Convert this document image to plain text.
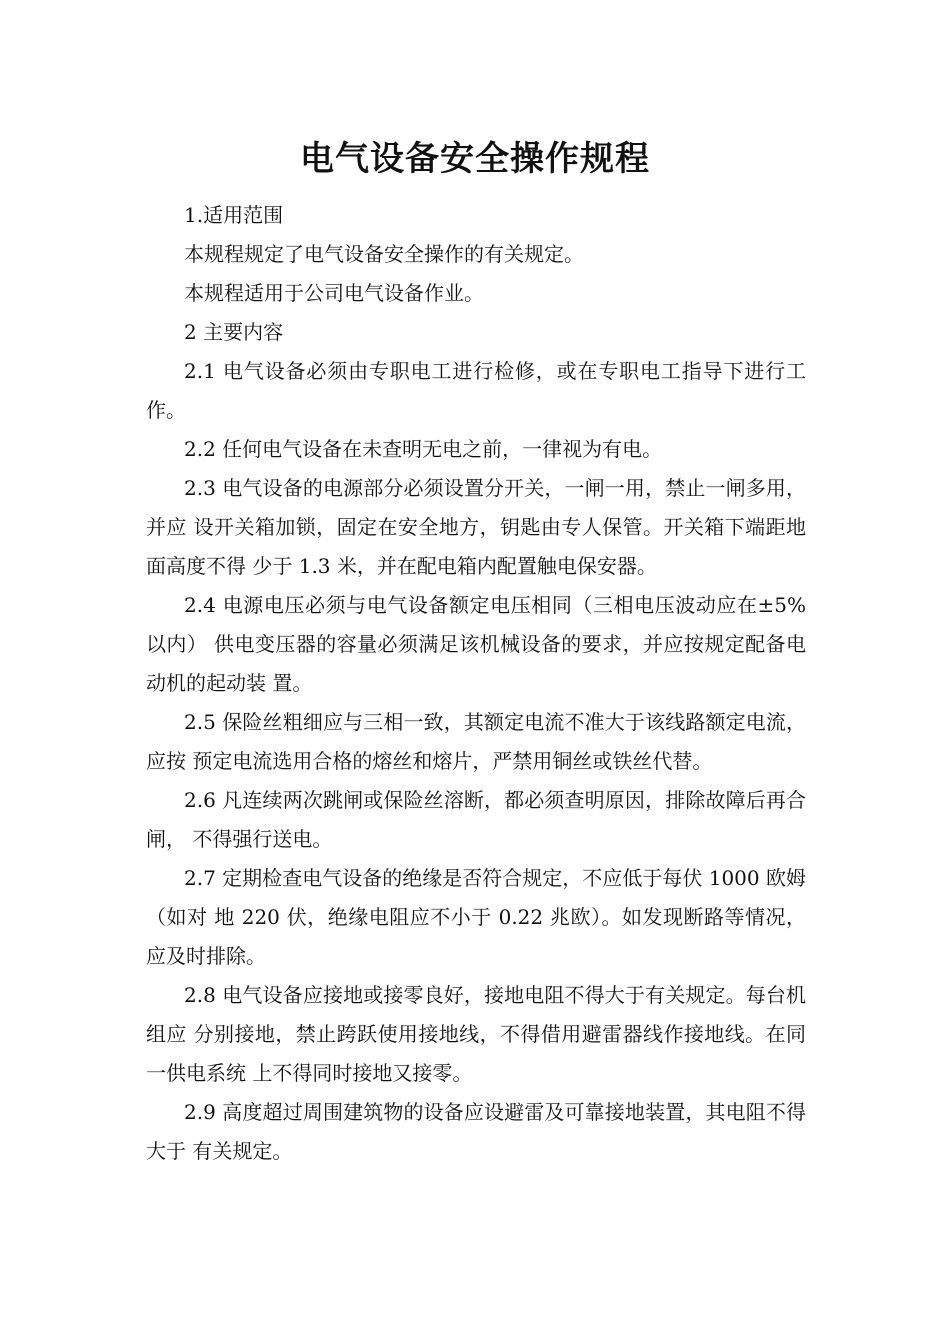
电气设备安全操作规程

1.适用范围

本规程规定了电气设备安全操作的有关规定。

本规程适用于公司电气设备作业。

2 主要内容

2.1 电气设备必须由专职电工进行检修，或在专职电工指导下进行工作。

2.2 任何电气设备在未查明无电之前，一律视为有电。

2.3 电气设备的电源部分必须设置分开关，一闸一用，禁止一闸多用，并应 设开关箱加锁，固定在安全地方，钥匙由专人保管。开关箱下端距地面高度不得 少于 1.3 米，并在配电箱内配置触电保安器。

2.4 电源电压必须与电气设备额定电压相同（三相电压波动应在±5%以内） 供电变压器的容量必须满足该机械设备的要求，并应按规定配备电动机的起动装 置。

2.5 保险丝粗细应与三相一致，其额定电流不准大于该线路额定电流，应按 预定电流选用合格的熔丝和熔片，严禁用铜丝或铁丝代替。

2.6 凡连续两次跳闸或保险丝溶断，都必须查明原因，排除故障后再合闸， 不得强行送电。

2.7 定期检查电气设备的绝缘是否符合规定，不应低于每伏 1000 欧姆（如对 地 220 伏，绝缘电阻应不小于 0.22 兆欧）。如发现断路等情况，应及时排除。

2.8 电气设备应接地或接零良好，接地电阻不得大于有关规定。每台机组应 分别接地，禁止跨跃使用接地线，不得借用避雷器线作接地线。在同一供电系统 上不得同时接地又接零。

2.9 高度超过周围建筑物的设备应设避雷及可靠接地装置，其电阻不得大于 有关规定。
